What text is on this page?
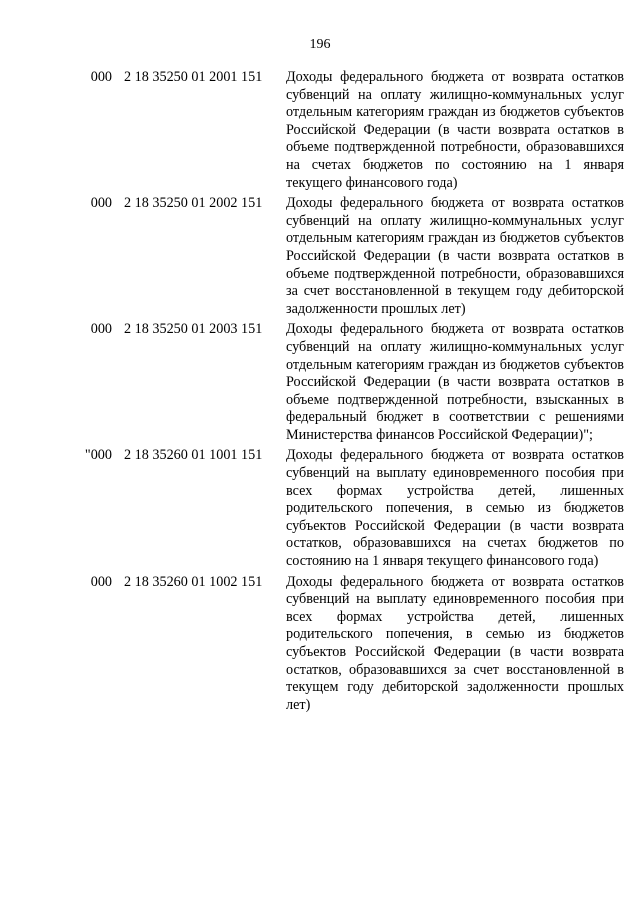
196
000 2 18 35250 01 2001 151	Доходы федерального бюджета от возврата остатков субвенций на оплату жилищно-коммунальных услуг отдельным категориям граждан из бюджетов субъектов Российской Федерации (в части возврата остатков в объеме подтвержденной потребности, образовавшихся на счетах бюджетов по состоянию на 1 января текущего финансового года)
000 2 18 35250 01 2002 151	Доходы федерального бюджета от возврата остатков субвенций на оплату жилищно-коммунальных услуг отдельным категориям граждан из бюджетов субъектов Российской Федерации (в части возврата остатков в объеме подтвержденной потребности, образовавшихся за счет восстановленной в текущем году дебиторской задолженности прошлых лет)
000 2 18 35250 01 2003 151	Доходы федерального бюджета от возврата остатков субвенций на оплату жилищно-коммунальных услуг отдельным категориям граждан из бюджетов субъектов Российской Федерации (в части возврата остатков в объеме подтвержденной потребности, взысканных в федеральный бюджет в соответствии с решениями Министерства финансов Российской Федерации)";
"000 2 18 35260 01 1001 151	Доходы федерального бюджета от возврата остатков субвенций на выплату единовременного пособия при всех формах устройства детей, лишенных родительского попечения, в семью из бюджетов субъектов Российской Федерации (в части возврата остатков, образовавшихся на счетах бюджетов по состоянию на 1 января текущего финансового года)
000 2 18 35260 01 1002 151	Доходы федерального бюджета от возврата остатков субвенций на выплату единовременного пособия при всех формах устройства детей, лишенных родительского попечения, в семью из бюджетов субъектов Российской Федерации (в части возврата остатков, образовавшихся за счет восстановленной в текущем году дебиторской задолженности прошлых лет)
